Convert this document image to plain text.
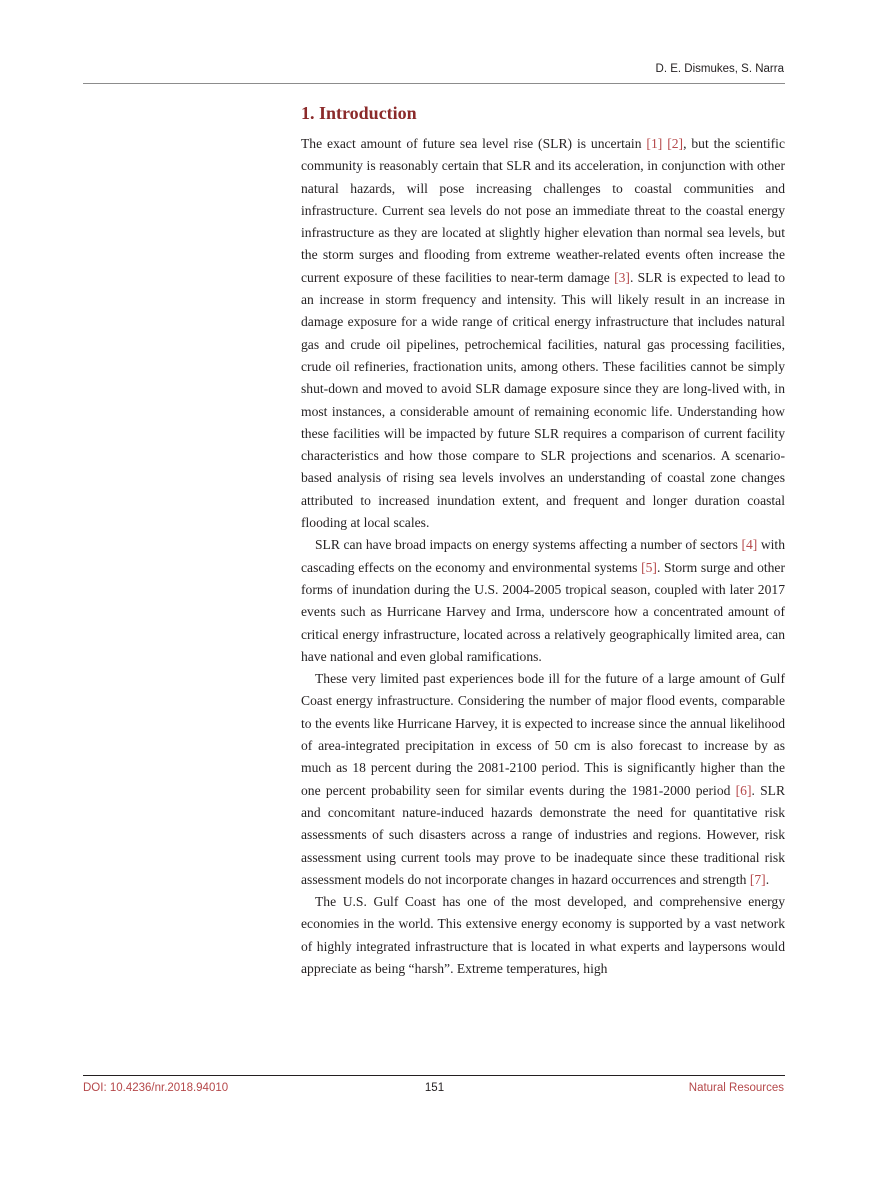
D. E. Dismukes, S. Narra
1. Introduction

The exact amount of future sea level rise (SLR) is uncertain [1] [2], but the scientific community is reasonably certain that SLR and its acceleration, in conjunction with other natural hazards, will pose increasing challenges to coastal communities and infrastructure. Current sea levels do not pose an immediate threat to the coastal energy infrastructure as they are located at slightly higher elevation than normal sea levels, but the storm surges and flooding from extreme weather-related events often increase the current exposure of these facilities to near-term damage [3]. SLR is expected to lead to an increase in storm frequency and intensity. This will likely result in an increase in damage exposure for a wide range of critical energy infrastructure that includes natural gas and crude oil pipelines, petrochemical facilities, natural gas processing facilities, crude oil refineries, fractionation units, among others. These facilities cannot be simply shut-down and moved to avoid SLR damage exposure since they are long-lived with, in most instances, a considerable amount of remaining economic life. Understanding how these facilities will be impacted by future SLR requires a comparison of current facility characteristics and how those compare to SLR projections and scenarios. A scenario-based analysis of rising sea levels involves an understanding of coastal zone changes attributed to increased inundation extent, and frequent and longer duration coastal flooding at local scales.

SLR can have broad impacts on energy systems affecting a number of sectors [4] with cascading effects on the economy and environmental systems [5]. Storm surge and other forms of inundation during the U.S. 2004-2005 tropical season, coupled with later 2017 events such as Hurricane Harvey and Irma, underscore how a concentrated amount of critical energy infrastructure, located across a relatively geographically limited area, can have national and even global ramifications.

These very limited past experiences bode ill for the future of a large amount of Gulf Coast energy infrastructure. Considering the number of major flood events, comparable to the events like Hurricane Harvey, it is expected to increase since the annual likelihood of area-integrated precipitation in excess of 50 cm is also forecast to increase by as much as 18 percent during the 2081-2100 period. This is significantly higher than the one percent probability seen for similar events during the 1981-2000 period [6]. SLR and concomitant nature-induced hazards demonstrate the need for quantitative risk assessments of such disasters across a range of industries and regions. However, risk assessment using current tools may prove to be inadequate since these traditional risk assessment models do not incorporate changes in hazard occurrences and strength [7].

The U.S. Gulf Coast has one of the most developed, and comprehensive energy economies in the world. This extensive energy economy is supported by a vast network of highly integrated infrastructure that is located in what experts and laypersons would appreciate as being “harsh”. Extreme temperatures, high

DOI: 10.4236/nr.2018.94010	151	Natural Resources
